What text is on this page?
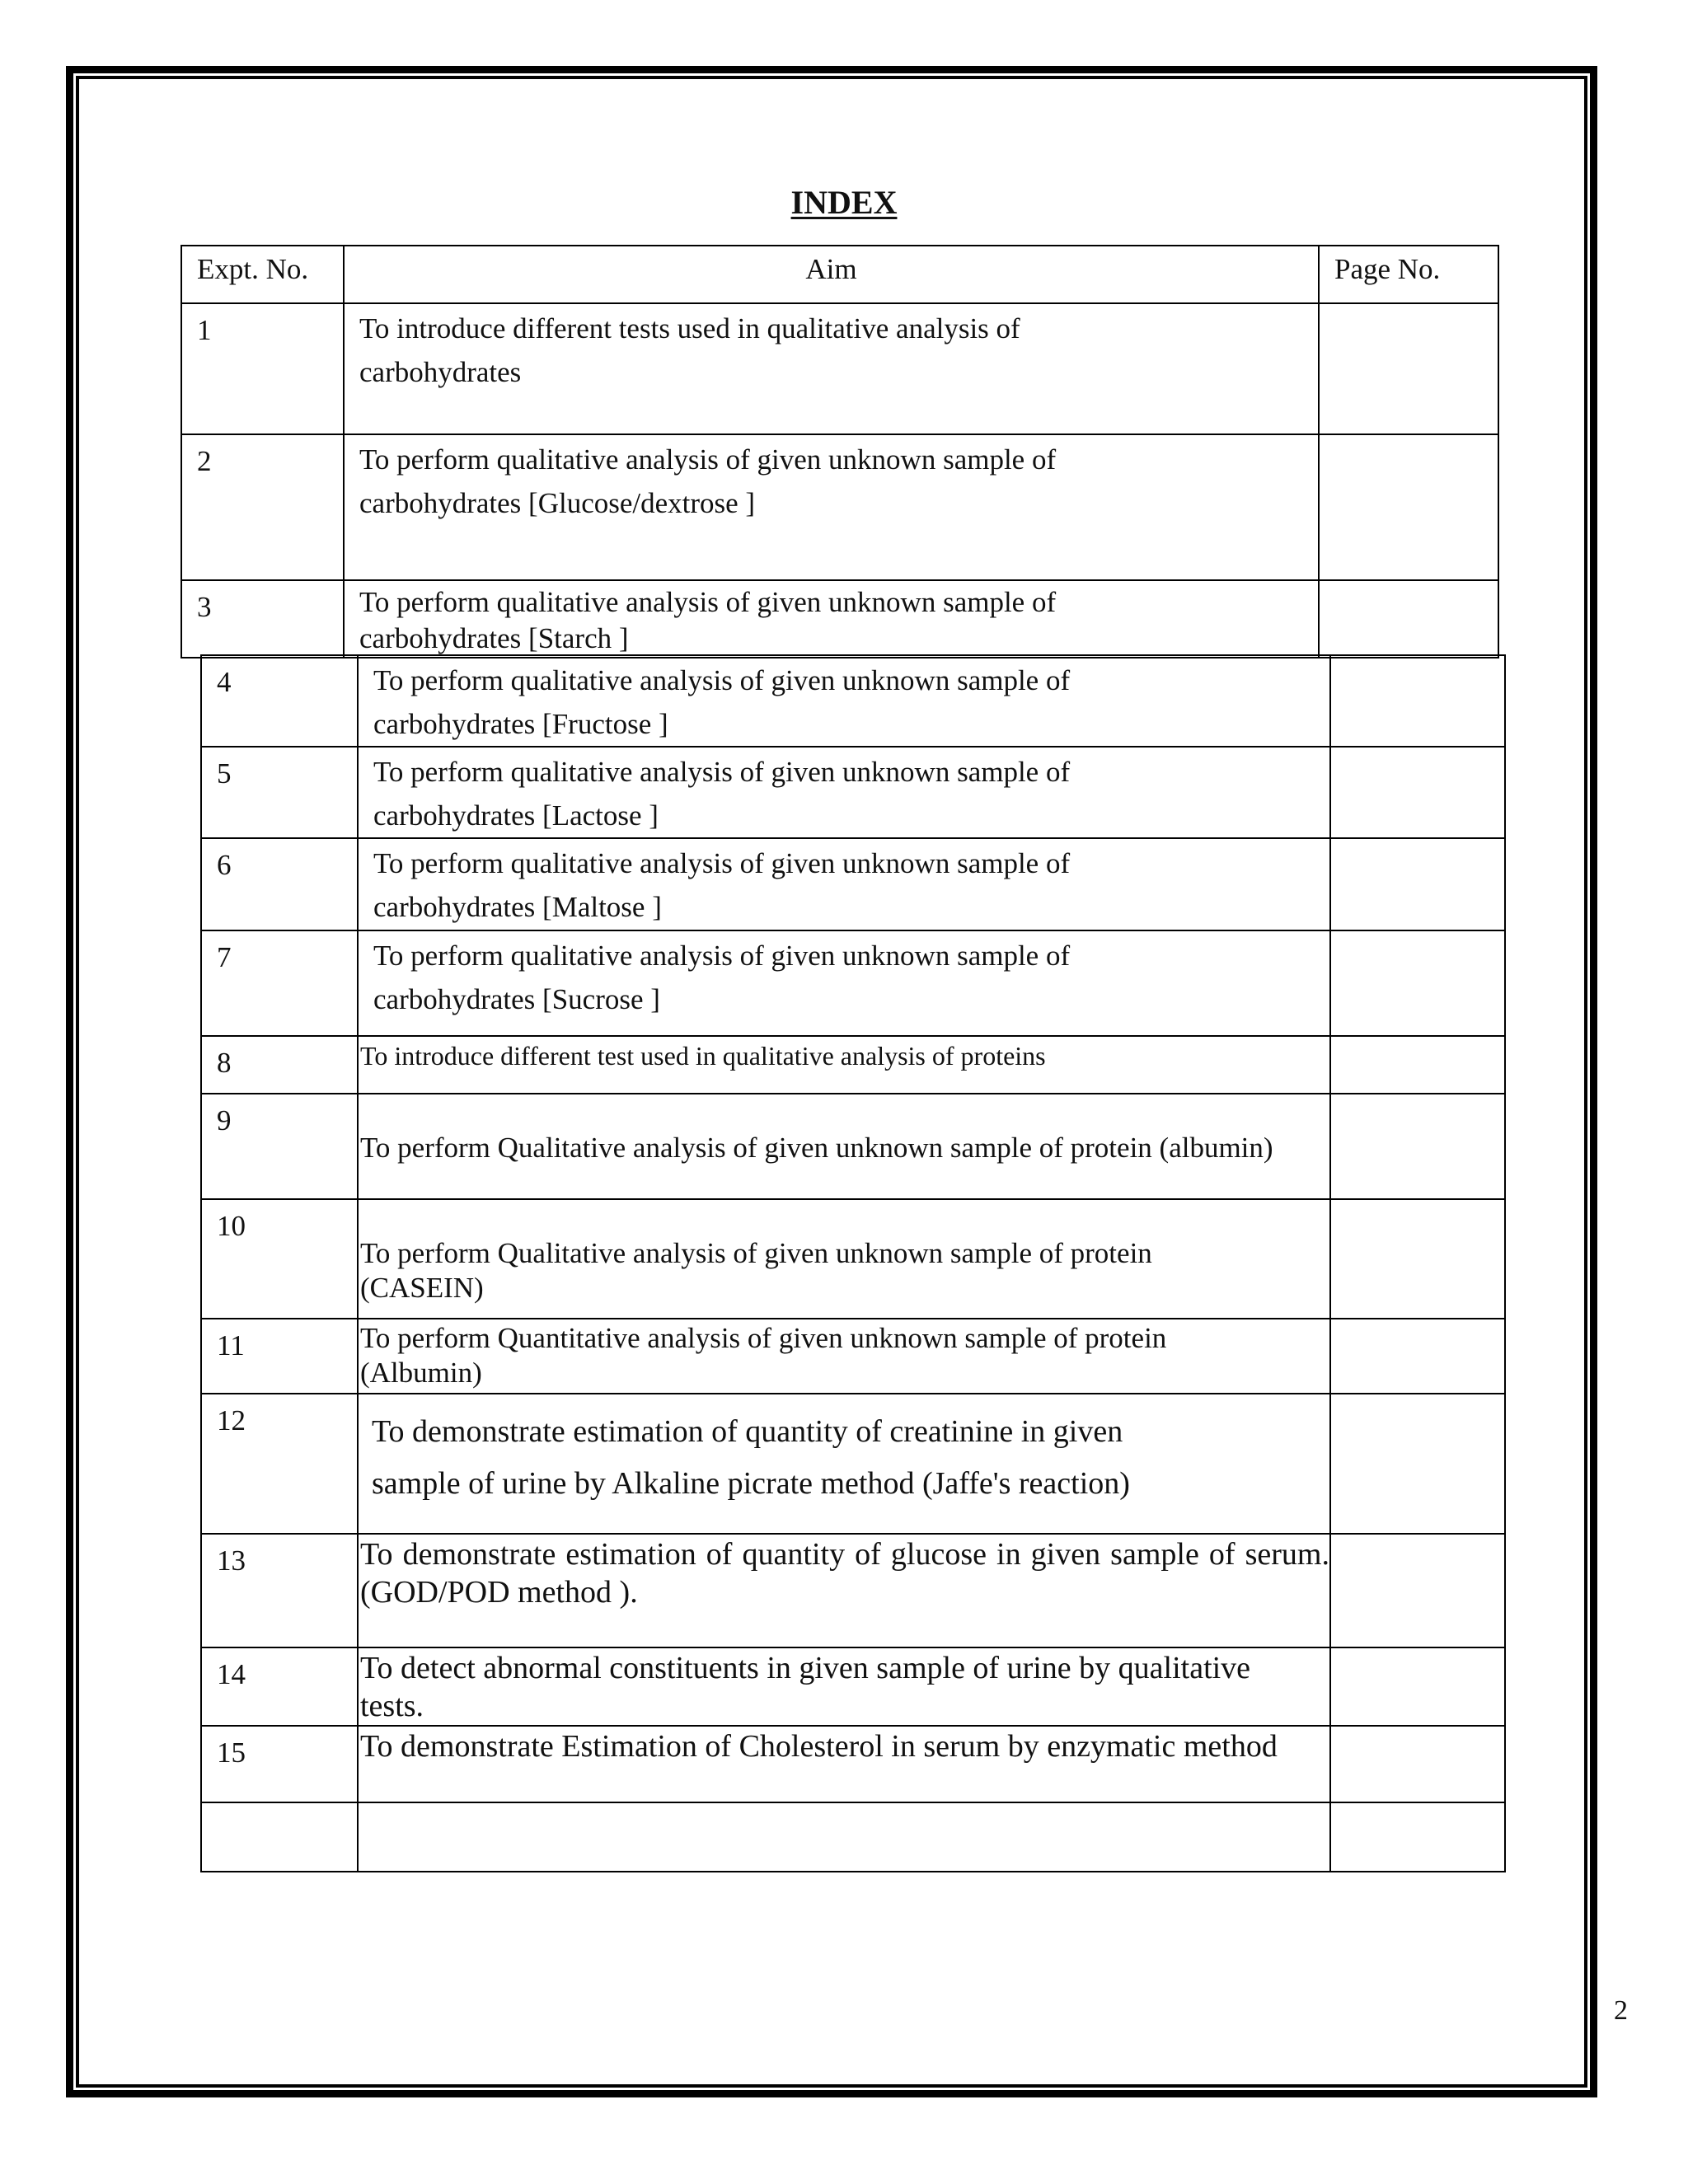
INDEX
Expt. No.	Aim	Page No.
1	To introduce different tests used in qualitative analysis of carbohydrates	
2	To perform qualitative analysis of given unknown sample of carbohydrates [Glucose/dextrose ]	
3	To perform qualitative analysis of given unknown sample of carbohydrates [Starch ]	
4	To perform qualitative analysis of given unknown sample of carbohydrates [Fructose ]	
5	To perform qualitative analysis of given unknown sample of carbohydrates [Lactose ]	
6	To perform qualitative analysis of given unknown sample of carbohydrates [Maltose ]	
7	To perform qualitative analysis of given unknown sample of carbohydrates [Sucrose ]	
8	To introduce different test used in qualitative analysis of proteins	
9	To perform Qualitative analysis of given unknown sample of protein (albumin)	
10	To perform Qualitative analysis of given unknown sample of protein (CASEIN)	
11	To perform Quantitative analysis of given unknown sample of protein (Albumin)	
12	To demonstrate estimation of quantity of creatinine in given sample of urine by Alkaline picrate method (Jaffe's reaction)	
13	To demonstrate estimation of quantity of glucose in given sample of serum. (GOD/POD method ).	
14	To detect abnormal constituents in given sample of urine by qualitative tests.	
15	To demonstrate Estimation of Cholesterol in serum by enzymatic method	

2
